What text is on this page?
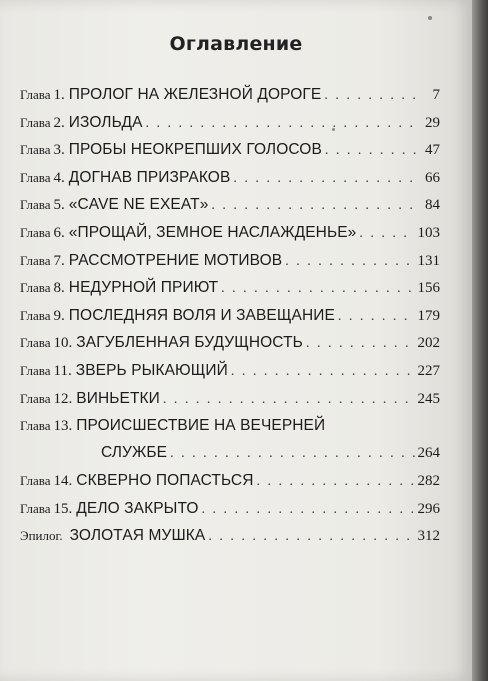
Оглавление
Глава 1. ПРОЛОГ НА ЖЕЛЕЗНОЙ ДОРОГЕ . . .	7
Глава 2. ИЗОЛЬДА . . .	29
Глава 3. ПРОБЫ НЕОКРЕПШИХ ГОЛОСОВ . . .	47
Глава 4. ДОГНАВ ПРИЗРАКОВ . . .	66
Глава 5. «CAVE NE EXEAT» . . .	84
Глава 6. «ПРОЩАЙ, ЗЕМНОЕ НАСЛАЖДЕНЬЕ» . . .	103
Глава 7. РАССМОТРЕНИЕ МОТИВОВ . . .	131
Глава 8. НЕДУРНОЙ ПРИЮТ . . .	156
Глава 9. ПОСЛЕДНЯЯ ВОЛЯ И ЗАВЕЩАНИЕ . . .	179
Глава 10. ЗАГУБЛЕННАЯ БУДУЩНОСТЬ . . .	202
Глава 11. ЗВЕРЬ РЫКАЮЩИЙ . . .	227
Глава 12. ВИНЬЕТКИ . . .	245
Глава 13. ПРОИСШЕСТВИЕ НА ВЕЧЕРНЕЙ
СЛУЖБЕ . . .	264
Глава 14. СКВЕРНО ПОПАСТЬСЯ . . .	282
Глава 15. ДЕЛО ЗАКРЫТО . . .	296
Эпилог. ЗОЛОТАЯ МУШКА . . .	312
